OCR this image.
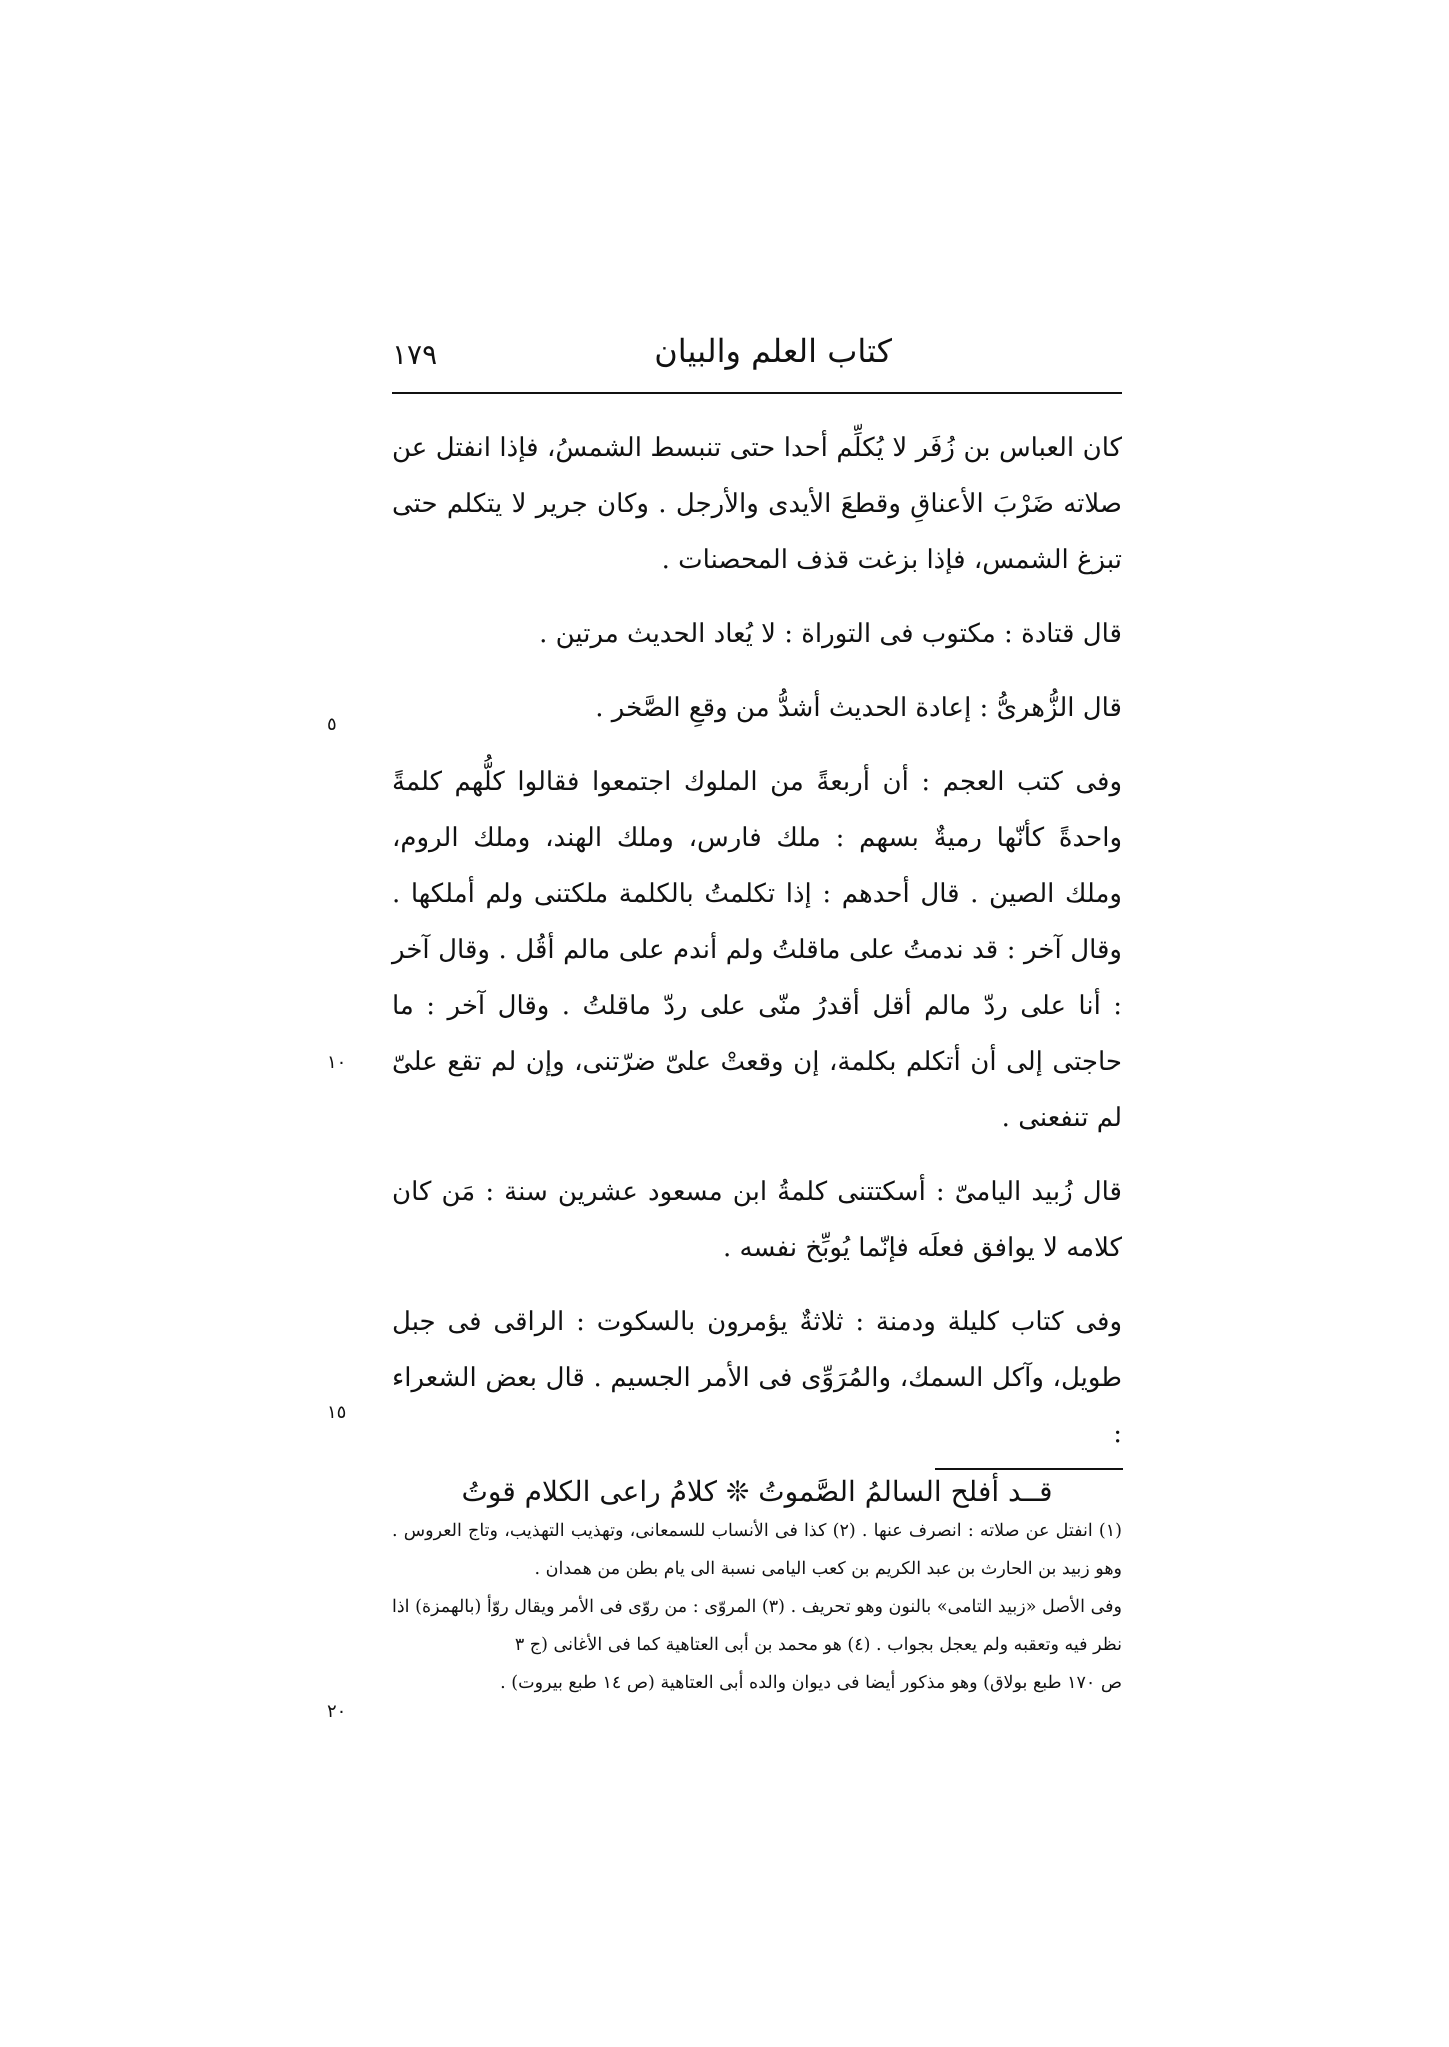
١٧٩	كتاب العلم والبيان

كان العباس بن زُفَر لا يُكلِّم أحدا حتى تنبسط الشمسُ، فإذا انفتل عن صلاته ضَرْبَ الأعناقِ وقطعَ الأيدى والأرجل . وكان جرير لا يتكلم حتى تبزغ الشمس، فإذا بزغت قذف المحصنات .

قال قتادة : مكتوب فى التوراة : لا يُعاد الحديث مرتين .

قال الزُّهرىُّ : إعادة الحديث أشدُّ من وقعِ الصَّخر .

وفى كتب العجم : أن أربعةً من الملوك اجتمعوا فقالوا كلُّهم كلمةً واحدةً كأنّها رميةٌ بسهم : ملك فارس، وملك الهند، وملك الروم، وملك الصين . قال أحدهم : إذا تكلمتُ بالكلمة ملكتنى ولم أملكها . وقال آخر : قد ندمتُ على ماقلتُ ولم أندم على مالم أقُل . وقال آخر : أنا على ردّ مالم أقل أقدرُ منّى على ردّ ماقلتُ . وقال آخر : ما حاجتى إلى أن أتكلم بكلمة، إن وقعتْ علىّ ضرّتنى، وإن لم تقع علىّ لم تنفعنى .

قال زُبيد اليامىّ : أسكتتنى كلمةُ ابن مسعود عشرين سنة : مَن كان كلامه لا يوافق فعلَه فإنّما يُوبِّخ نفسه .

وفى كتاب كليلة ودمنة : ثلاثةٌ يؤمرون بالسكوت : الراقى فى جبل طويل، وآكل السمك، والمُرَوِّى فى الأمر الجسيم . قال بعض الشعراء :

قــد أفلح السالمُ الصَّموتُ ❊ كلامُ راعى الكلام قوتُ

٥
١٠
١٥
٢٠

(١) انفتل عن صلاته : انصرف عنها . (٢) كذا فى الأنساب للسمعانى، وتهذيب التهذيب، وتاج العروس . وهو زبيد بن الحارث بن عبد الكريم بن كعب اليامى نسبة الى يام بطن من همدان .

وفى الأصل «زبيد التامى» بالنون وهو تحريف . (٣) المروّى : من روّى فى الأمر ويقال روّأ (بالهمزة) اذا نظر فيه وتعقبه ولم يعجل بجواب . (٤) هو محمد بن أبى العتاهية كما فى الأغانى (ج ٣

ص ١٧٠ طبع بولاق) وهو مذكور أيضا فى ديوان والده أبى العتاهية (ص ١٤ طبع بيروت) .
